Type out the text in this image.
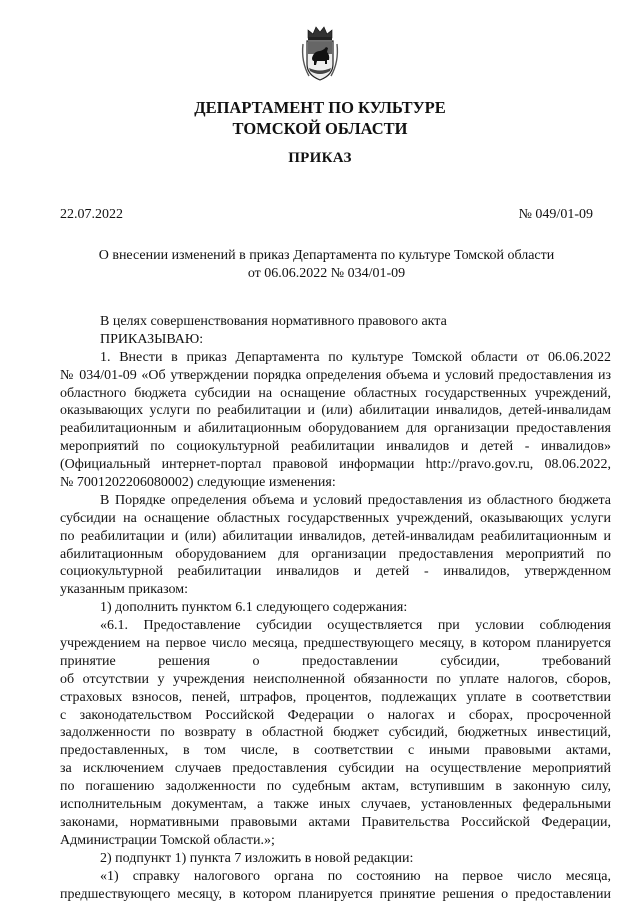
ДЕПАРТАМЕНТ ПО КУЛЬТУРЕ
ТОМСКОЙ ОБЛАСТИ
ПРИКАЗ
22.07.2022	№ 049/01-09
О внесении изменений в приказ Департамента по культуре Томской области
от 06.06.2022 № 034/01-09
В целях совершенствования нормативного правового акта
ПРИКАЗЫВАЮ:
1. Внести в приказ Департамента по культуре Томской области от 06.06.2022
№ 034/01-09 «Об утверждении порядка определения объема и условий предоставления из
областного бюджета субсидии на оснащение областных государственных учреждений,
оказывающих услуги по реабилитации и (или) абилитации инвалидов, детей-инвалидам
реабилитационным и абилитационным оборудованием для организации предоставления
мероприятий по социокультурной реабилитации инвалидов и детей - инвалидов»
(Официальный интернет-портал правовой информации http://pravo.gov.ru, 08.06.2022,
№ 7001202206080002) следующие изменения:
В Порядке определения объема и условий предоставления из областного бюджета
субсидии на оснащение областных государственных учреждений, оказывающих услуги
по реабилитации и (или) абилитации инвалидов, детей-инвалидам реабилитационным и
абилитационным оборудованием для организации предоставления мероприятий по
социокультурной реабилитации инвалидов и детей - инвалидов, утвержденном
указанным приказом:
1) дополнить пунктом 6.1 следующего содержания:
«6.1. Предоставление субсидии осуществляется при условии соблюдения
учреждением на первое число месяца, предшествующего месяцу, в котором планируется
принятие решения о предоставлении субсидии, требований
об отсутствии у учреждения неисполненной обязанности по уплате налогов, сборов,
страховых взносов, пеней, штрафов, процентов, подлежащих уплате в соответствии
с законодательством Российской Федерации о налогах и сборах, просроченной
задолженности по возврату в областной бюджет субсидий, бюджетных инвестиций,
предоставленных, в том числе, в соответствии с иными правовыми актами,
за исключением случаев предоставления субсидии на осуществление мероприятий
по погашению задолженности по судебным актам, вступившим в законную силу,
исполнительным документам, а также иных случаев, установленных федеральными
законами, нормативными правовыми актами Правительства Российской Федерации,
Администрации Томской области.»;
2) подпункт 1) пункта 7 изложить в новой редакции:
«1) справку налогового органа по состоянию на первое число месяца,
предшествующего месяцу, в котором планируется принятие решения о предоставлении
